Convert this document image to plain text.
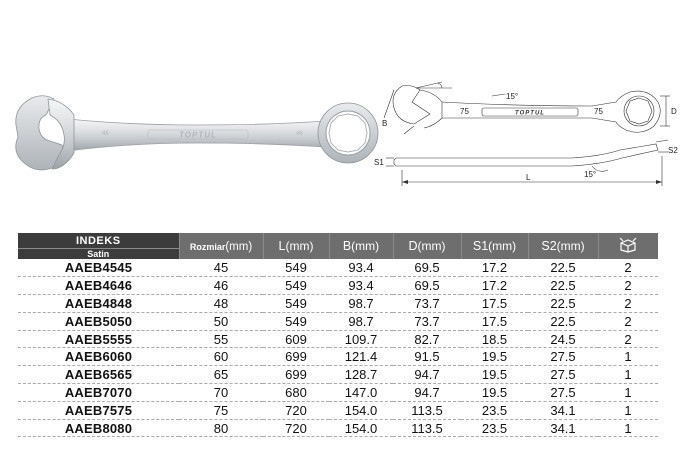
TOPTUL
46	46
TOPTUL
75	75
15°
B
D
S1
S2
15°
L
INDEKS	Rozmiar(mm)	L(mm)	B(mm)	D(mm)	S1(mm)	S2(mm)	
Satin							
AAEB4545	45	549	93.4	69.5	17.2	22.5	2
AAEB4646	46	549	93.4	69.5	17.2	22.5	2
AAEB4848	48	549	98.7	73.7	17.5	22.5	2
AAEB5050	50	549	98.7	73.7	17.5	22.5	2
AAEB5555	55	609	109.7	82.7	18.5	24.5	2
AAEB6060	60	699	121.4	91.5	19.5	27.5	1
AAEB6565	65	699	128.7	94.7	19.5	27.5	1
AAEB7070	70	680	147.0	94.7	19.5	27.5	1
AAEB7575	75	720	154.0	113.5	23.5	34.1	1
AAEB8080	80	720	154.0	113.5	23.5	34.1	1
